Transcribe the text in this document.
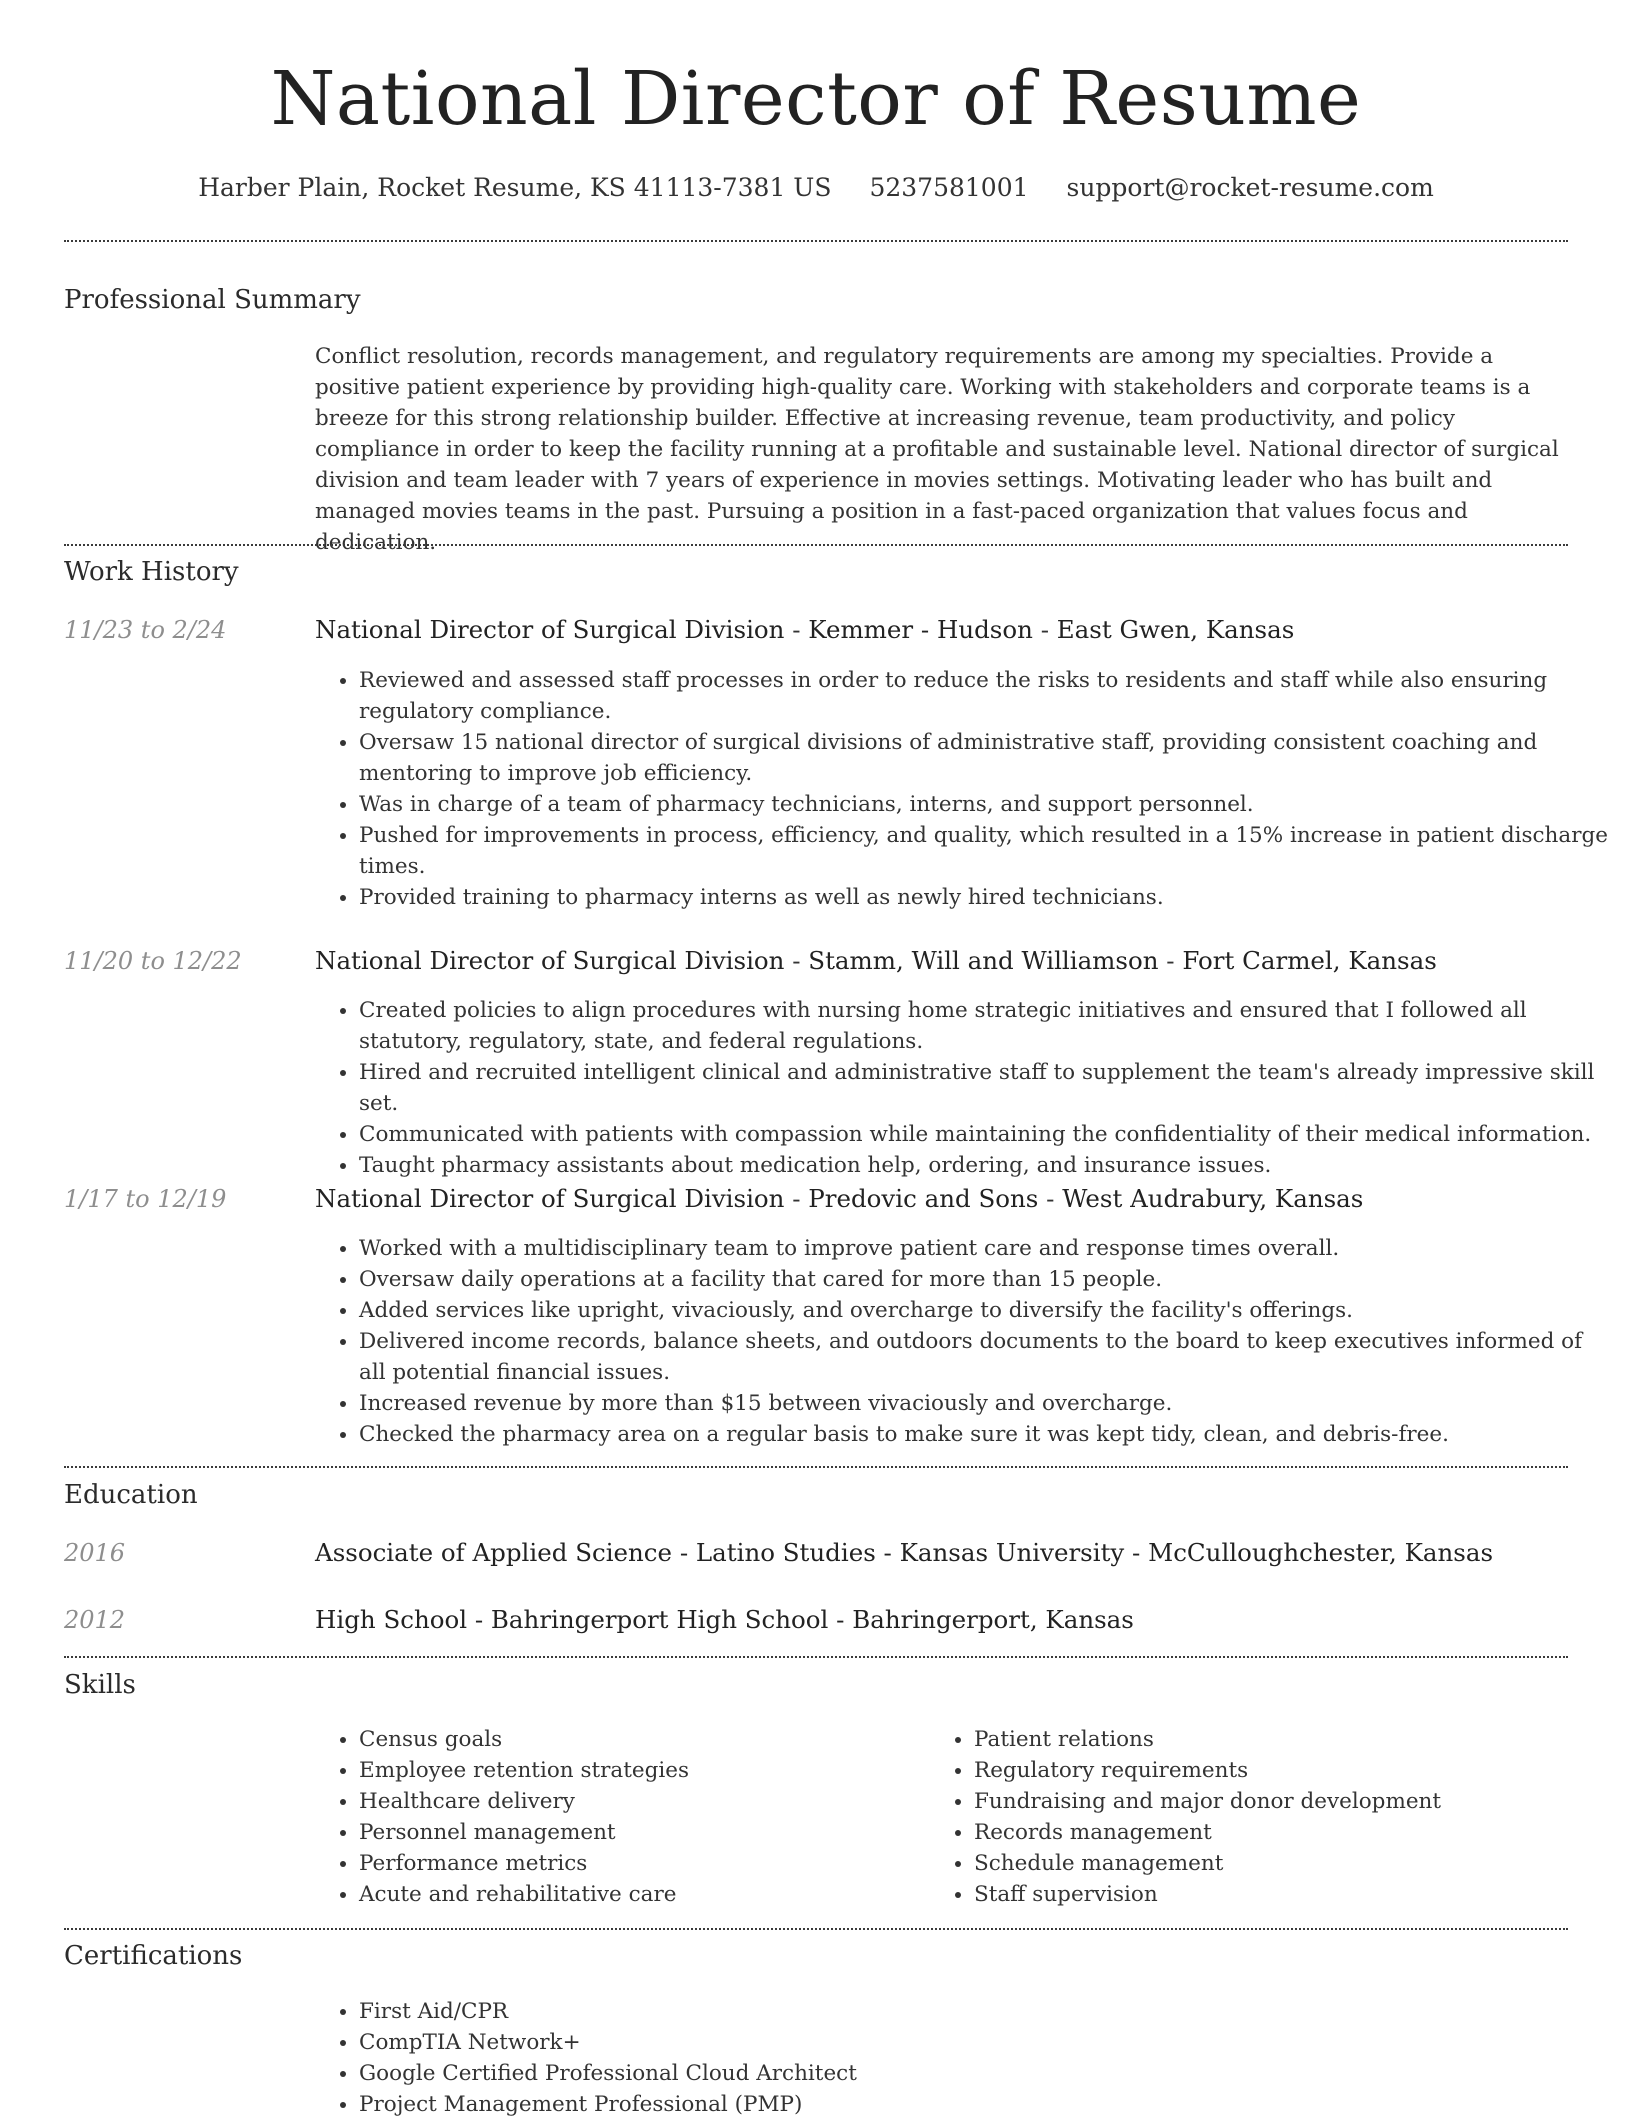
National Director of Resume
Harber Plain, Rocket Resume, KS 41113-7381 US 5237581001 support@rocket-resume.com
Professional Summary
Conflict resolution, records management, and regulatory requirements are among my specialties. Provide a positive patient experience by providing high-quality care. Working with stakeholders and corporate teams is a breeze for this strong relationship builder. Effective at increasing revenue, team productivity, and policy compliance in order to keep the facility running at a profitable and sustainable level. National director of surgical division and team leader with 7 years of experience in movies settings. Motivating leader who has built and managed movies teams in the past. Pursuing a position in a fast-paced organization that values focus and dedication.
Work History
11/23 to 2/24	National Director of Surgical Division - Kemmer - Hudson - East Gwen, Kansas
• Reviewed and assessed staff processes in order to reduce the risks to residents and staff while also ensuring regulatory compliance.
• Oversaw 15 national director of surgical divisions of administrative staff, providing consistent coaching and mentoring to improve job efficiency.
• Was in charge of a team of pharmacy technicians, interns, and support personnel.
• Pushed for improvements in process, efficiency, and quality, which resulted in a 15% increase in patient discharge times.
• Provided training to pharmacy interns as well as newly hired technicians.
11/20 to 12/22	National Director of Surgical Division - Stamm, Will and Williamson - Fort Carmel, Kansas
• Created policies to align procedures with nursing home strategic initiatives and ensured that I followed all statutory, regulatory, state, and federal regulations.
• Hired and recruited intelligent clinical and administrative staff to supplement the team's already impressive skill set.
• Communicated with patients with compassion while maintaining the confidentiality of their medical information.
• Taught pharmacy assistants about medication help, ordering, and insurance issues.
1/17 to 12/19	National Director of Surgical Division - Predovic and Sons - West Audrabury, Kansas
• Worked with a multidisciplinary team to improve patient care and response times overall.
• Oversaw daily operations at a facility that cared for more than 15 people.
• Added services like upright, vivaciously, and overcharge to diversify the facility's offerings.
• Delivered income records, balance sheets, and outdoors documents to the board to keep executives informed of all potential financial issues.
• Increased revenue by more than $15 between vivaciously and overcharge.
• Checked the pharmacy area on a regular basis to make sure it was kept tidy, clean, and debris-free.
Education
2016	Associate of Applied Science - Latino Studies - Kansas University - McCulloughchester, Kansas
2012	High School - Bahringerport High School - Bahringerport, Kansas
Skills
• Census goals
• Employee retention strategies
• Healthcare delivery
• Personnel management
• Performance metrics
• Acute and rehabilitative care
• Patient relations
• Regulatory requirements
• Fundraising and major donor development
• Records management
• Schedule management
• Staff supervision
Certifications
• First Aid/CPR
• CompTIA Network+
• Google Certified Professional Cloud Architect
• Project Management Professional (PMP)
